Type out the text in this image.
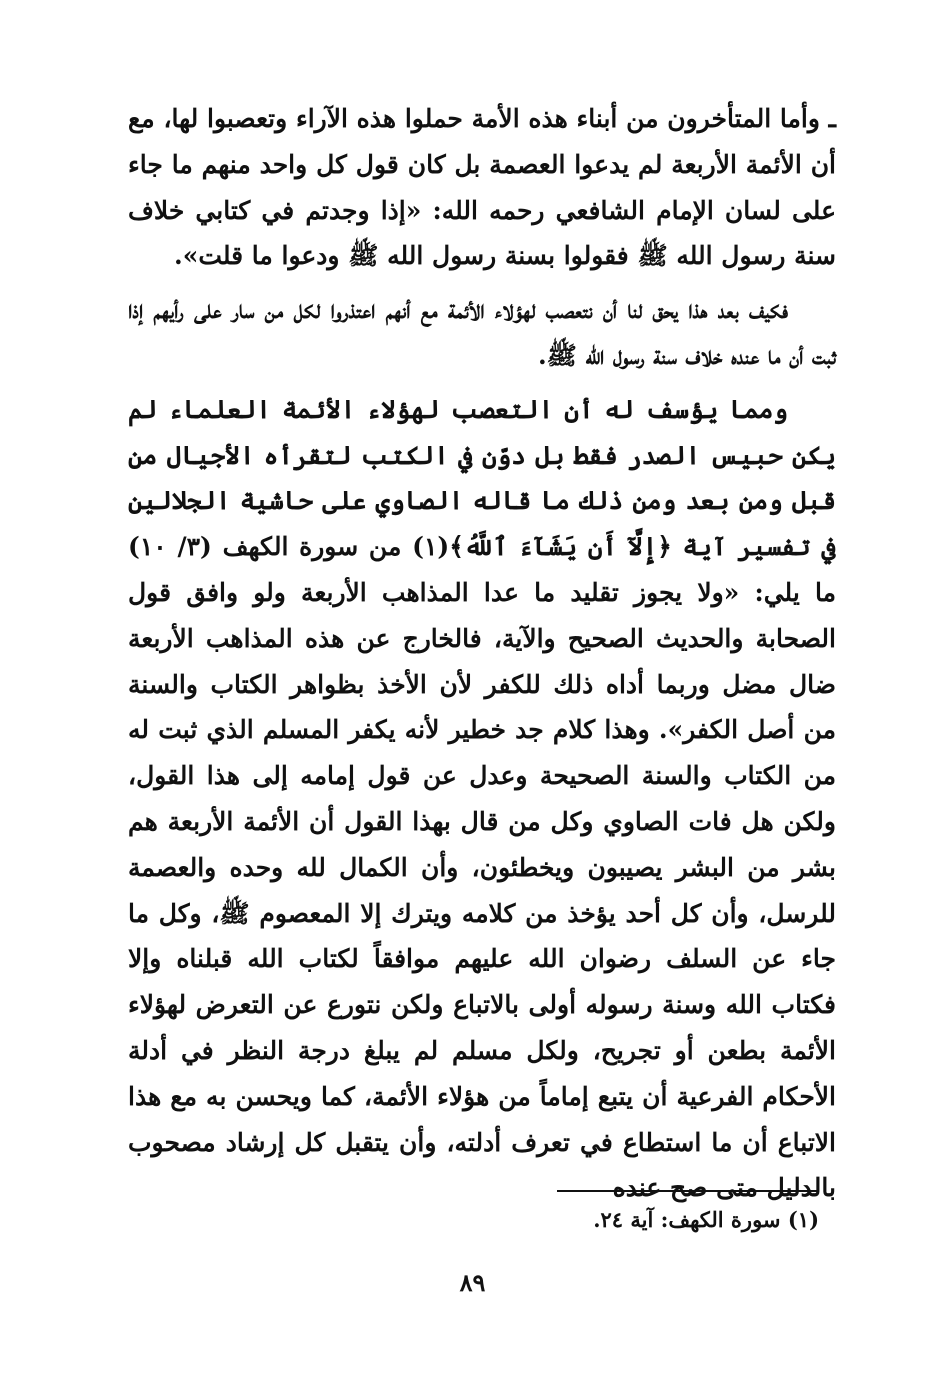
ـ وأما المتأخرون من أبناء هذه الأمة حملوا هذه الآراء وتعصبوا لها، مع أن الأئمة الأربعة لم يدعوا العصمة بل كان قول كل واحد منهم ما جاء على لسان الإمام الشافعي رحمه الله: «إذا وجدتم في كتابي خلاف سنة رسول الله ﷺ فقولوا بسنة رسول الله ﷺ ودعوا ما قلت».

فكيف بعد هذا يحق لنا أن نتعصب لهؤلاء الأئمة مع أنهم اعتذروا لكل من سار على رأيهم إذا ثبت أن ما عنده خلاف سنة رسول الله ﷺ.

ومما يؤسف له أن التعصب لهؤلاء الأئمة العلماء لم يكن حبيس الصدر فقط بل دوّن في الكتب لتقرأه الأجيال من قبل ومن بعد ومن ذلك ما قاله الصاوي على حاشية الجلالين في تفسير آية ﴿إِلَّآ أَن يَشَآءَ ٱللَّهُ﴾(١) من سورة الكهف (٣/ ١٠) ما يلي: «ولا يجوز تقليد ما عدا المذاهب الأربعة ولو وافق قول الصحابة والحديث الصحيح والآية، فالخارج عن هذه المذاهب الأربعة ضال مضل وربما أداه ذلك للكفر لأن الأخذ بظواهر الكتاب والسنة من أصل الكفر». وهذا كلام جد خطير لأنه يكفر المسلم الذي ثبت له من الكتاب والسنة الصحيحة وعدل عن قول إمامه إلى هذا القول، ولكن هل فات الصاوي وكل من قال بهذا القول أن الأئمة الأربعة هم بشر من البشر يصيبون ويخطئون، وأن الكمال لله وحده والعصمة للرسل، وأن كل أحد يؤخذ من كلامه ويترك إلا المعصوم ﷺ، وكل ما جاء عن السلف رضوان الله عليهم موافقاً لكتاب الله قبلناه وإلا فكتاب الله وسنة رسوله أولى بالاتباع ولكن نتورع عن التعرض لهؤلاء الأئمة بطعن أو تجريح، ولكل مسلم لم يبلغ درجة النظر في أدلة الأحكام الفرعية أن يتبع إماماً من هؤلاء الأئمة، كما ويحسن به مع هذا الاتباع أن ما استطاع في تعرف أدلته، وأن يتقبل كل إرشاد مصحوب بالدليل متى صح عنده

(١) سورة الكهف: آية ٢٤.
٨٩
